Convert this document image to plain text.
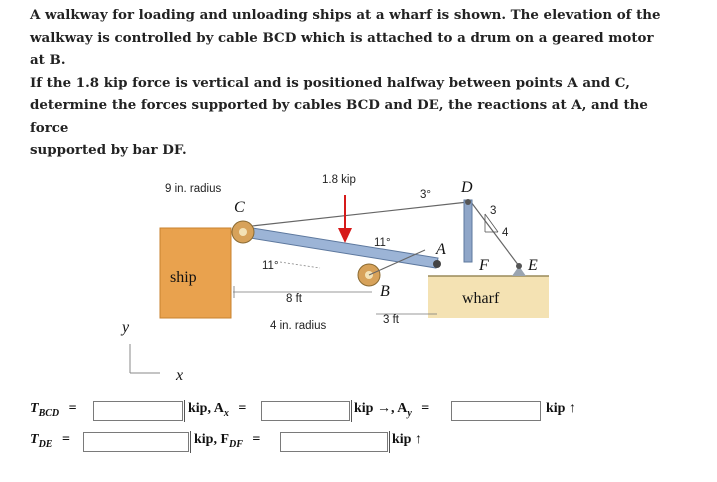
A walkway for loading and unloading ships at a wharf is shown. The elevation of the
walkway is controlled by cable BCD which is attached to a drum on a geared motor at B.
If the 1.8 kip force is vertical and is positioned halfway between points A and C,
determine the forces supported by cables BCD and DE, the reactions at A, and the force
supported by bar DF.
ship
wharf
9 in. radius
1.8 kip
3° D
C	3
4
11°	A
F E
11°
B
8 ft
3 ft
4 in. radius
y
x
$T_{BCD}$ =	kip, $A_x$ =	kip →, $A_y$ =	kip ↑
$T_{DE}$ =	kip, $F_{DF}$ =	kip ↑
